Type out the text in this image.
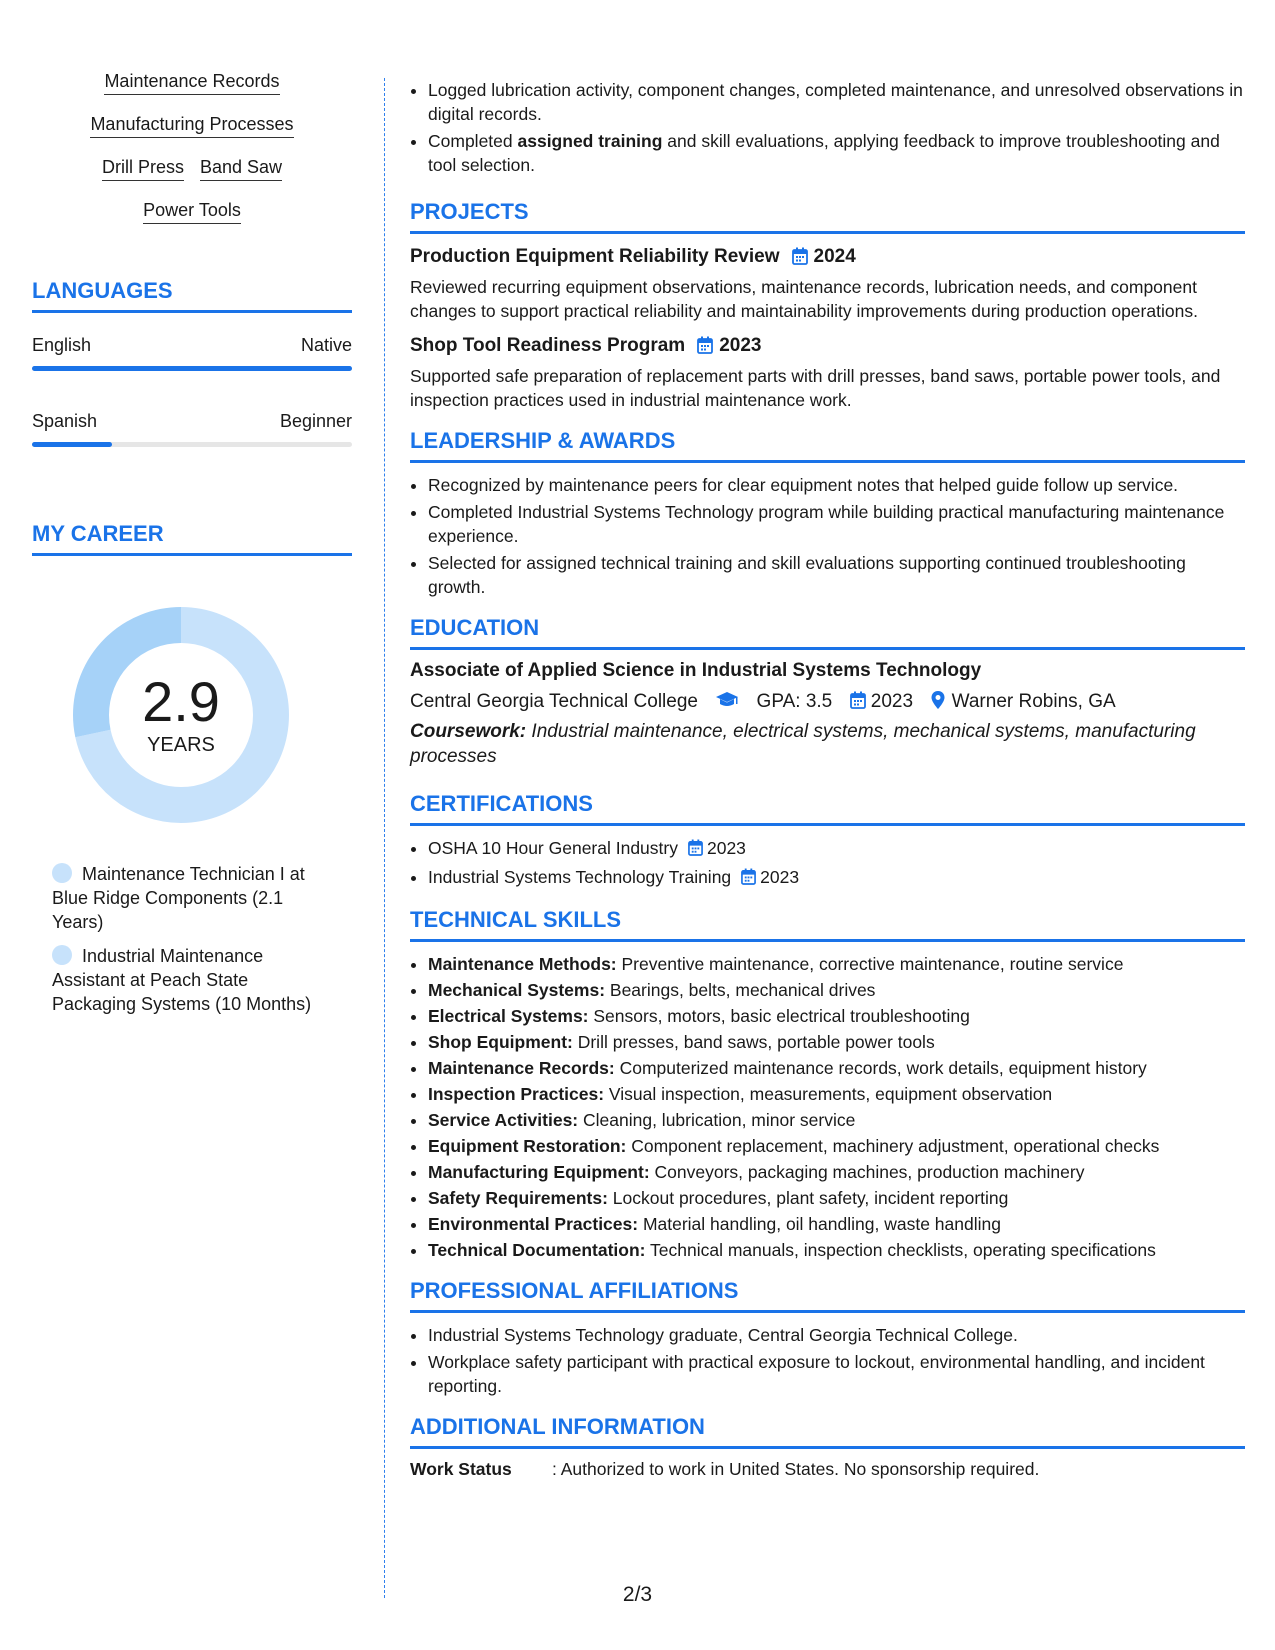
Maintenance Records
Manufacturing Processes
Drill Press Band Saw
Power Tools
LANGUAGES
English	Native
Spanish	Beginner
MY CAREER
2.9
YEARS
Maintenance Technician I at Blue Ridge Components (2.1 Years)
Industrial Maintenance Assistant at Peach State Packaging Systems (10 Months)
• Logged lubrication activity, component changes, completed maintenance, and unresolved observations in digital records.
• Completed assigned training and skill evaluations, applying feedback to improve troubleshooting and tool selection.
PROJECTS
Production Equipment Reliability Review 2024
Reviewed recurring equipment observations, maintenance records, lubrication needs, and component changes to support practical reliability and maintainability improvements during production operations.
Shop Tool Readiness Program 2023
Supported safe preparation of replacement parts with drill presses, band saws, portable power tools, and inspection practices used in industrial maintenance work.
LEADERSHIP & AWARDS
• Recognized by maintenance peers for clear equipment notes that helped guide follow up service.
• Completed Industrial Systems Technology program while building practical manufacturing maintenance experience.
• Selected for assigned technical training and skill evaluations supporting continued troubleshooting growth.
EDUCATION
Associate of Applied Science in Industrial Systems Technology
Central Georgia Technical College	GPA: 3.5 2023 Warner Robins, GA
Coursework: Industrial maintenance, electrical systems, mechanical systems, manufacturing processes
CERTIFICATIONS
• OSHA 10 Hour General Industry 2023
• Industrial Systems Technology Training 2023
TECHNICAL SKILLS
• Maintenance Methods: Preventive maintenance, corrective maintenance, routine service
• Mechanical Systems: Bearings, belts, mechanical drives
• Electrical Systems: Sensors, motors, basic electrical troubleshooting
• Shop Equipment: Drill presses, band saws, portable power tools
• Maintenance Records: Computerized maintenance records, work details, equipment history
• Inspection Practices: Visual inspection, measurements, equipment observation
• Service Activities: Cleaning, lubrication, minor service
• Equipment Restoration: Component replacement, machinery adjustment, operational checks
• Manufacturing Equipment: Conveyors, packaging machines, production machinery
• Safety Requirements: Lockout procedures, plant safety, incident reporting
• Environmental Practices: Material handling, oil handling, waste handling
• Technical Documentation: Technical manuals, inspection checklists, operating specifications
PROFESSIONAL AFFILIATIONS
• Industrial Systems Technology graduate, Central Georgia Technical College.
• Workplace safety participant with practical exposure to lockout, environmental handling, and incident reporting.
ADDITIONAL INFORMATION
Work Status	: Authorized to work in United States. No sponsorship required.
2/3
